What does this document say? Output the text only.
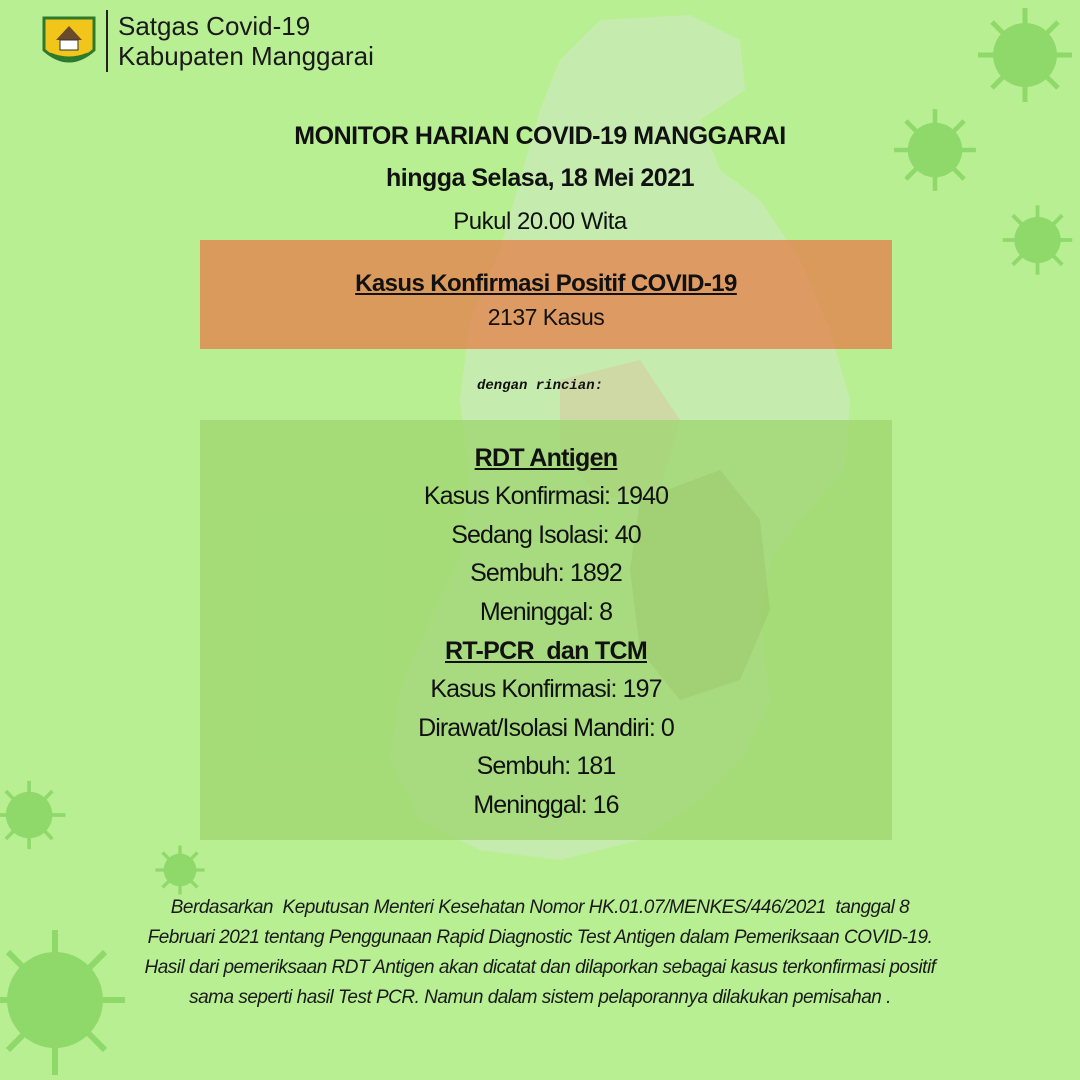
Satgas Covid-19
Kabupaten Manggarai
MONITOR HARIAN COVID-19 MANGGARAI
hingga Selasa, 18 Mei 2021
Pukul 20.00 Wita
Kasus Konfirmasi Positif COVID-19
2137 Kasus
dengan rincian:
RDT Antigen
Kasus Konfirmasi: 1940
Sedang Isolasi: 40
Sembuh: 1892
Meninggal: 8
RT-PCR  dan TCM
Kasus Konfirmasi: 197
Dirawat/Isolasi Mandiri: 0
Sembuh: 181
Meninggal: 16
Berdasarkan  Keputusan Menteri Kesehatan Nomor HK.01.07/MENKES/446/2021  tanggal 8
Februari 2021 tentang Penggunaan Rapid Diagnostic Test Antigen dalam Pemeriksaan COVID-19.
Hasil dari pemeriksaan RDT Antigen akan dicatat dan dilaporkan sebagai kasus terkonfirmasi positif
sama seperti hasil Test PCR. Namun dalam sistem pelaporannya dilakukan pemisahan .
